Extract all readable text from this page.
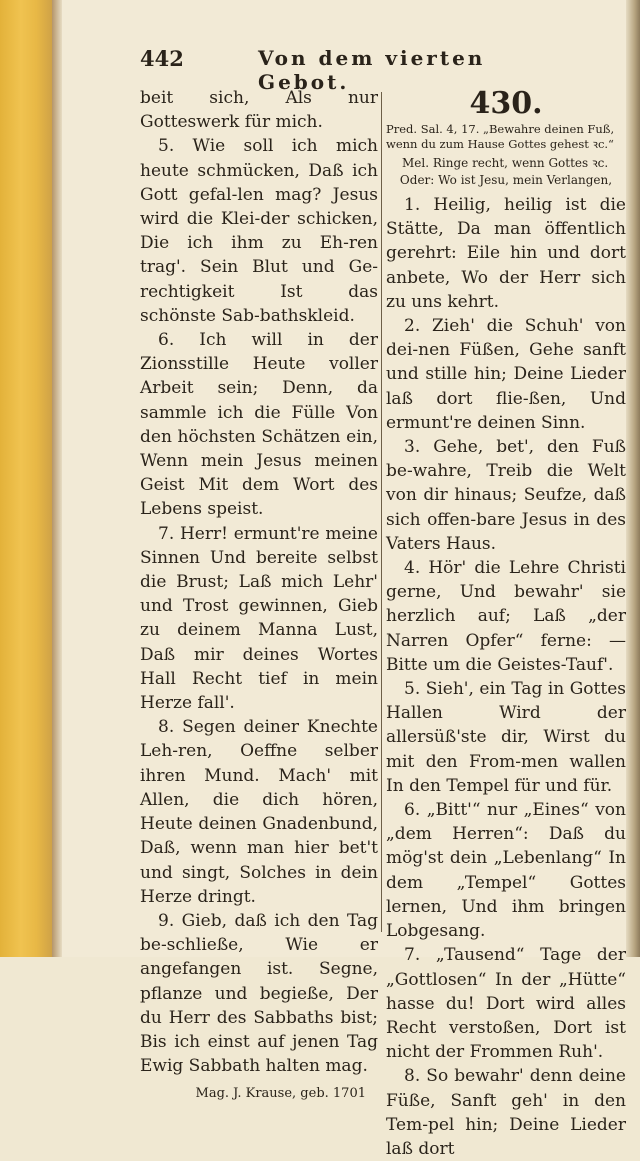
442	Von dem vierten Gebot.

beit sich, Als nur Gotteswerk für mich.

5. Wie soll ich mich heute schmücken, Daß ich Gott gefal-len mag? Jesus wird die Klei-der schicken, Die ich ihm zu Eh-ren trag'. Sein Blut und Ge-rechtigkeit Ist das schönste Sab-bathskleid.

6. Ich will in der Zionsstille Heute voller Arbeit sein; Denn, da sammle ich die Fülle Von den höchsten Schätzen ein, Wenn mein Jesus meinen Geist Mit dem Wort des Lebens speist.

7. Herr! ermunt're meine Sinnen Und bereite selbst die Brust; Laß mich Lehr' und Trost gewinnen, Gieb zu deinem Manna Lust, Daß mir deines Wortes Hall Recht tief in mein Herze fall'.

8. Segen deiner Knechte Leh-ren, Oeffne selber ihren Mund. Mach' mit Allen, die dich hören, Heute deinen Gnadenbund, Daß, wenn man hier bet't und singt, Solches in dein Herze dringt.

9. Gieb, daß ich den Tag be-schließe, Wie er angefangen ist. Segne, pflanze und begieße, Der du Herr des Sabbaths bist; Bis ich einst auf jenen Tag Ewig Sabbath halten mag.

Mag. J. Krause, geb. 1701
430.
Pred. Sal. 4, 17. „Bewahre deinen Fuß, wenn du zum Hause Gottes gehest ꝛc.“
Mel. Ringe recht, wenn Gottes ꝛc.
Oder: Wo ist Jesu, mein Verlangen,

1. Heilig, heilig ist die Stätte, Da man öffentlich gerehrt: Eile hin und dort anbete, Wo der Herr sich zu uns kehrt.

2. Zieh' die Schuh' von dei-nen Füßen, Gehe sanft und stille hin; Deine Lieder laß dort flie-ßen, Und ermunt're deinen Sinn.

3. Gehe, bet', den Fuß be-wahre, Treib die Welt von dir hinaus; Seufze, daß sich offen-bare Jesus in des Vaters Haus.

4. Hör' die Lehre Christi gerne, Und bewahr' sie herzlich auf; Laß „der Narren Opfer“ ferne: — Bitte um die Geistes-Tauf'.

5. Sieh', ein Tag in Gottes Hallen Wird der allersüß'ste dir, Wirst du mit den From-men wallen In den Tempel für und für.

6. „Bitt'“ nur „Eines“ von „dem Herren“: Daß du mög'st dein „Lebenlang“ In dem „Tempel“ Gottes lernen, Und ihm bringen Lobgesang.

7. „Tausend“ Tage der „Gottlosen“ In der „Hütte“ hasse du! Dort wird alles Recht verstoßen, Dort ist nicht der Frommen Ruh'.

8. So bewahr' denn deine Füße, Sanft geh' in den Tem-pel hin; Deine Lieder laß dort
